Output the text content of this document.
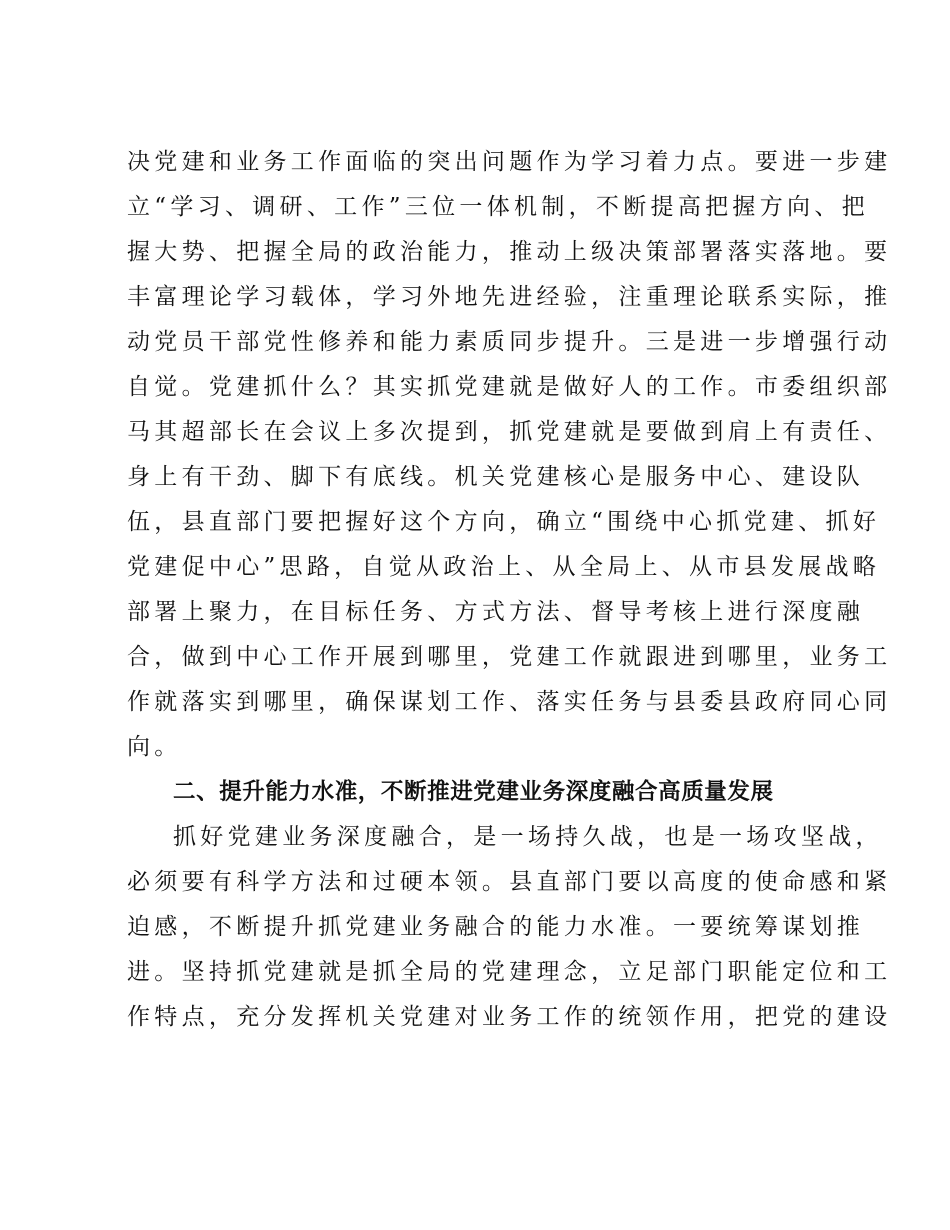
决党建和业务工作面临的突出问题作为学习着力点。要进一步建
立“学习、调研、工作”三位一体机制，不断提高把握方向、把
握大势、把握全局的政治能力，推动上级决策部署落实落地。要
丰富理论学习载体，学习外地先进经验，注重理论联系实际，推
动党员干部党性修养和能力素质同步提升。三是进一步增强行动
自觉。党建抓什么？其实抓党建就是做好人的工作。市委组织部
马其超部长在会议上多次提到，抓党建就是要做到肩上有责任、
身上有干劲、脚下有底线。机关党建核心是服务中心、建设队
伍，县直部门要把握好这个方向，确立“围绕中心抓党建、抓好
党建促中心”思路，自觉从政治上、从全局上、从市县发展战略
部署上聚力，在目标任务、方式方法、督导考核上进行深度融
合，做到中心工作开展到哪里，党建工作就跟进到哪里，业务工
作就落实到哪里，确保谋划工作、落实任务与县委县政府同心同
向。
二、提升能力水准，不断推进党建业务深度融合高质量发展
抓好党建业务深度融合，是一场持久战，也是一场攻坚战，
必须要有科学方法和过硬本领。县直部门要以高度的使命感和紧
迫感，不断提升抓党建业务融合的能力水准。一要统筹谋划推
进。坚持抓党建就是抓全局的党建理念，立足部门职能定位和工
作特点，充分发挥机关党建对业务工作的统领作用，把党的建设
